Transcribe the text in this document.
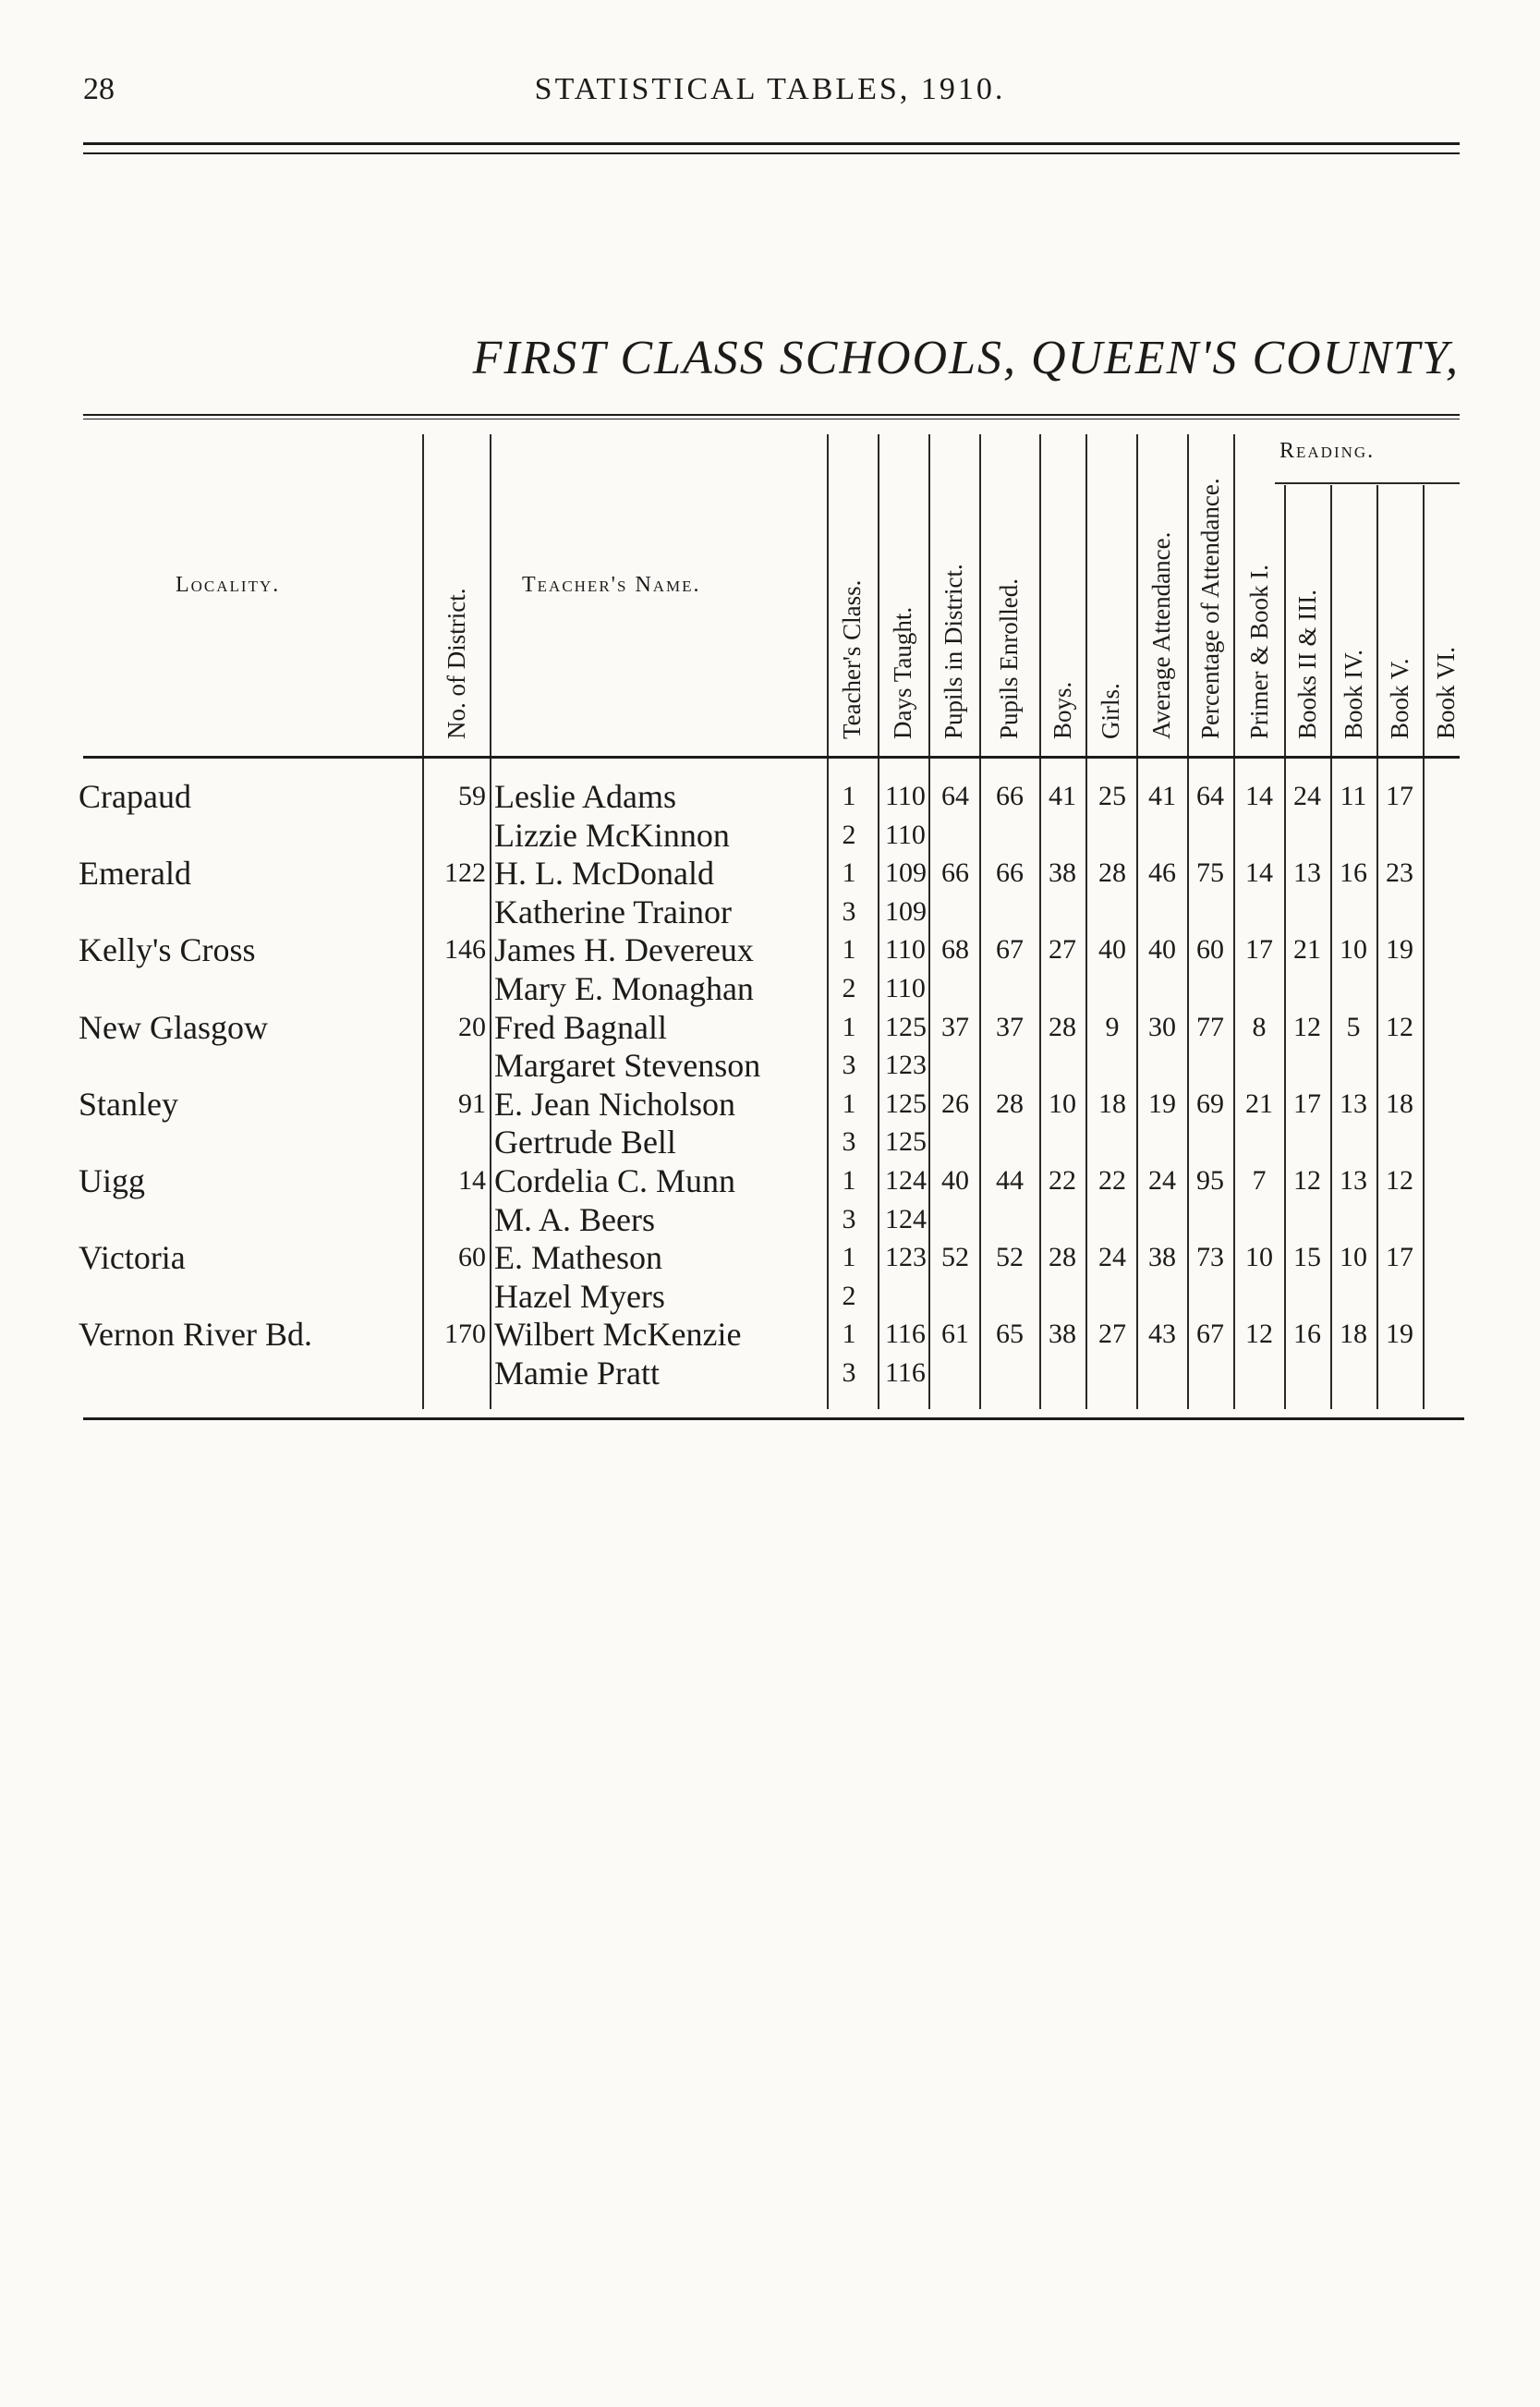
28	STATISTICAL TABLES, 1910.
FIRST CLASS SCHOOLS, QUEEN'S COUNTY,
Locality.	Teacher's Name.
Reading.
No. of District.	Teacher's Class. Days Taught. Pupils in District. Pupils Enrolled. Boys. Girls. Average Attendance. Percentage of Attendance. Primer & Book I. Books II & III. Book IV. Book V. Book VI.
Crapaud	59 Leslie Adams	1	110 64 66 41 25 41 64 14 24 11 17
Lizzie McKinnon	2	110
Emerald	122 H. L. McDonald	1	109 66 66 38 28 46 75 14 13 16 23
Katherine Trainor	3	109
Kelly's Cross	146 James H. Devereux	1	110 68 67 27 40 40 60 17 21 10 19
Mary E. Monaghan	2	110
New Glasgow	20 Fred Bagnall	1	125 37 37 28	9	30 77	8 12 5 12
Margaret Stevenson	3	123
Stanley	91 E. Jean Nicholson	1	125 26 28 10 18 19 69 21 17 13 18
Gertrude Bell	3	125
Uigg	14 Cordelia C. Munn	1	124 40 44 22 22 24 95	7 12 13 12
M. A. Beers	3	124
Victoria	60 E. Matheson	1	123 52 52 28 24 38 73 10 15 10 17
Hazel Myers	2
Vernon River Bd.	170 Wilbert McKenzie	1	116 61 65 38 27 43 67 12 16 18 19
Mamie Pratt	3	116
